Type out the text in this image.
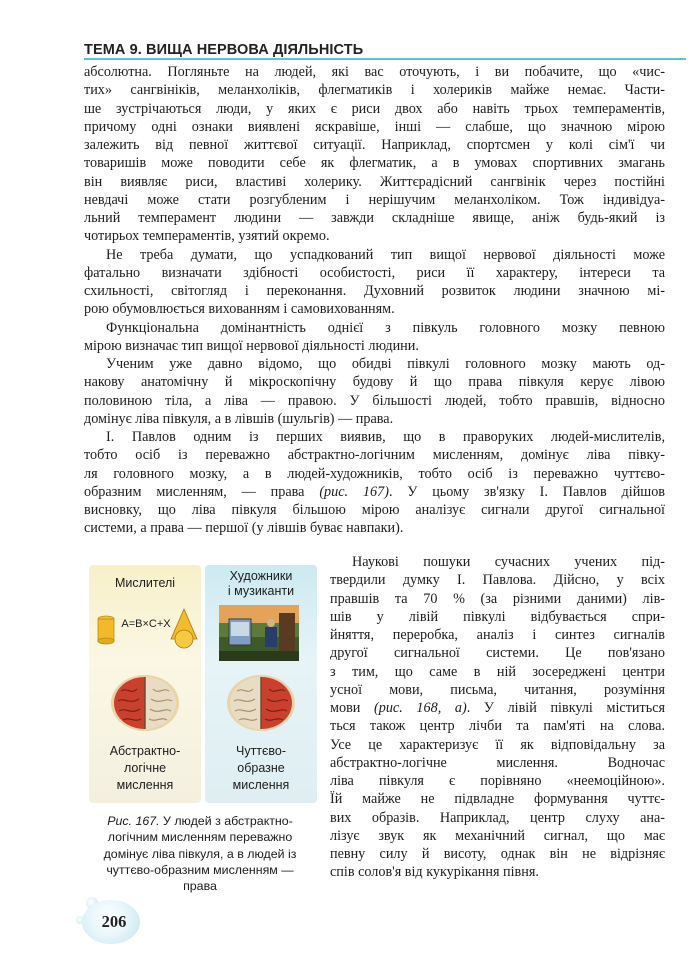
ТЕМА 9. ВИЩА НЕРВОВА ДІЯЛЬНІСТЬ

абсолютна. Погляньте на людей, які вас оточують, і ви побачите, що «чис-
тих» сангвініків, меланхоліків, флегматиків і холериків майже немає. Части-
ше зустрічаються люди, у яких є риси двох або навіть трьох темпераментів,
причому одні ознаки виявлені яскравіше, інші — слабше, що значною мірою
залежить від певної життєвої ситуації. Наприклад, спортсмен у колі сім'ї чи
товаришів може поводити себе як флегматик, а в умовах спортивних змагань
він виявляє риси, властиві холерику. Життєрадісний сангвінік через постійні
невдачі може стати розгубленим і нерішучим меланхоліком. Тож індивідуа-
льний темперамент людини — завжди складніше явище, аніж будь-який із
чотирьох темпераментів, узятий окремо.

Не треба думати, що успадкований тип вищої нервової діяльності може
фатально визначати здібності особистості, риси її характеру, інтереси та
схильності, світогляд і переконання. Духовний розвиток людини значною мі-
рою обумовлюється вихованням і самовихованням.

Функціональна домінантність однієї з півкуль головного мозку певною
мірою визначає тип вищої нервової діяльності людини.

Ученим уже давно відомо, що обидві півкулі головного мозку мають од-
накову анатомічну й мікроскопічну будову й що права півкуля керує лівою
половиною тіла, а ліва — правою. У більшості людей, тобто правшів, відносно
домінує ліва півкуля, а в лівшів (шульгів) — права.

І. Павлов одним із перших виявив, що в праворуких людей-мислителів,
тобто осіб із переважно абстрактно-логічним мисленням, домінує ліва півку-
ля головного мозку, а в людей-художників, тобто осіб із переважно чуттєво-
образним мисленням, — права (рис. 167). У цьому зв'язку І. Павлов дійшов
висновку, що ліва півкуля більшою мірою аналізує сигнали другої сигнальної
системи, а права — першої (у лівшів буває навпаки).

Наукові пошуки сучасних учених під-
твердили думку І. Павлова. Дійсно, у всіх
правшів та 70 % (за різними даними) лів-
шів у лівій півкулі відбувається спри-
йняття, переробка, аналіз і синтез сигналів
другої сигнальної системи. Це пов'язано
з тим, що саме в ній зосереджені центри
усної мови, письма, читання, розуміння
мови (рис. 168, а). У лівій півкулі міститься
ться також центр лічби та пам'яті на слова.
Усе це характеризує її як відповідальну за
абстрактно-логічне мислення. Водночас
ліва півкуля є порівняно «неемоційною».
Їй майже не підвладне формування чуттє-
вих образів. Наприклад, центр слуху ана-
лізує звук як механічний сигнал, що має
певну силу й висоту, однак він не відрізняє
спів солов'я від кукурікання півня.

Мислителі
A=B×C+X
Абстрактно-
логічне
мислення
Художники
і музиканти
Чуттєво-
образне
мислення
Рис. 167. У людей з абстрактно-
логічним мисленням переважно
домінує ліва півкуля, а в людей із
чуттєво-образним мисленням —
права
206
